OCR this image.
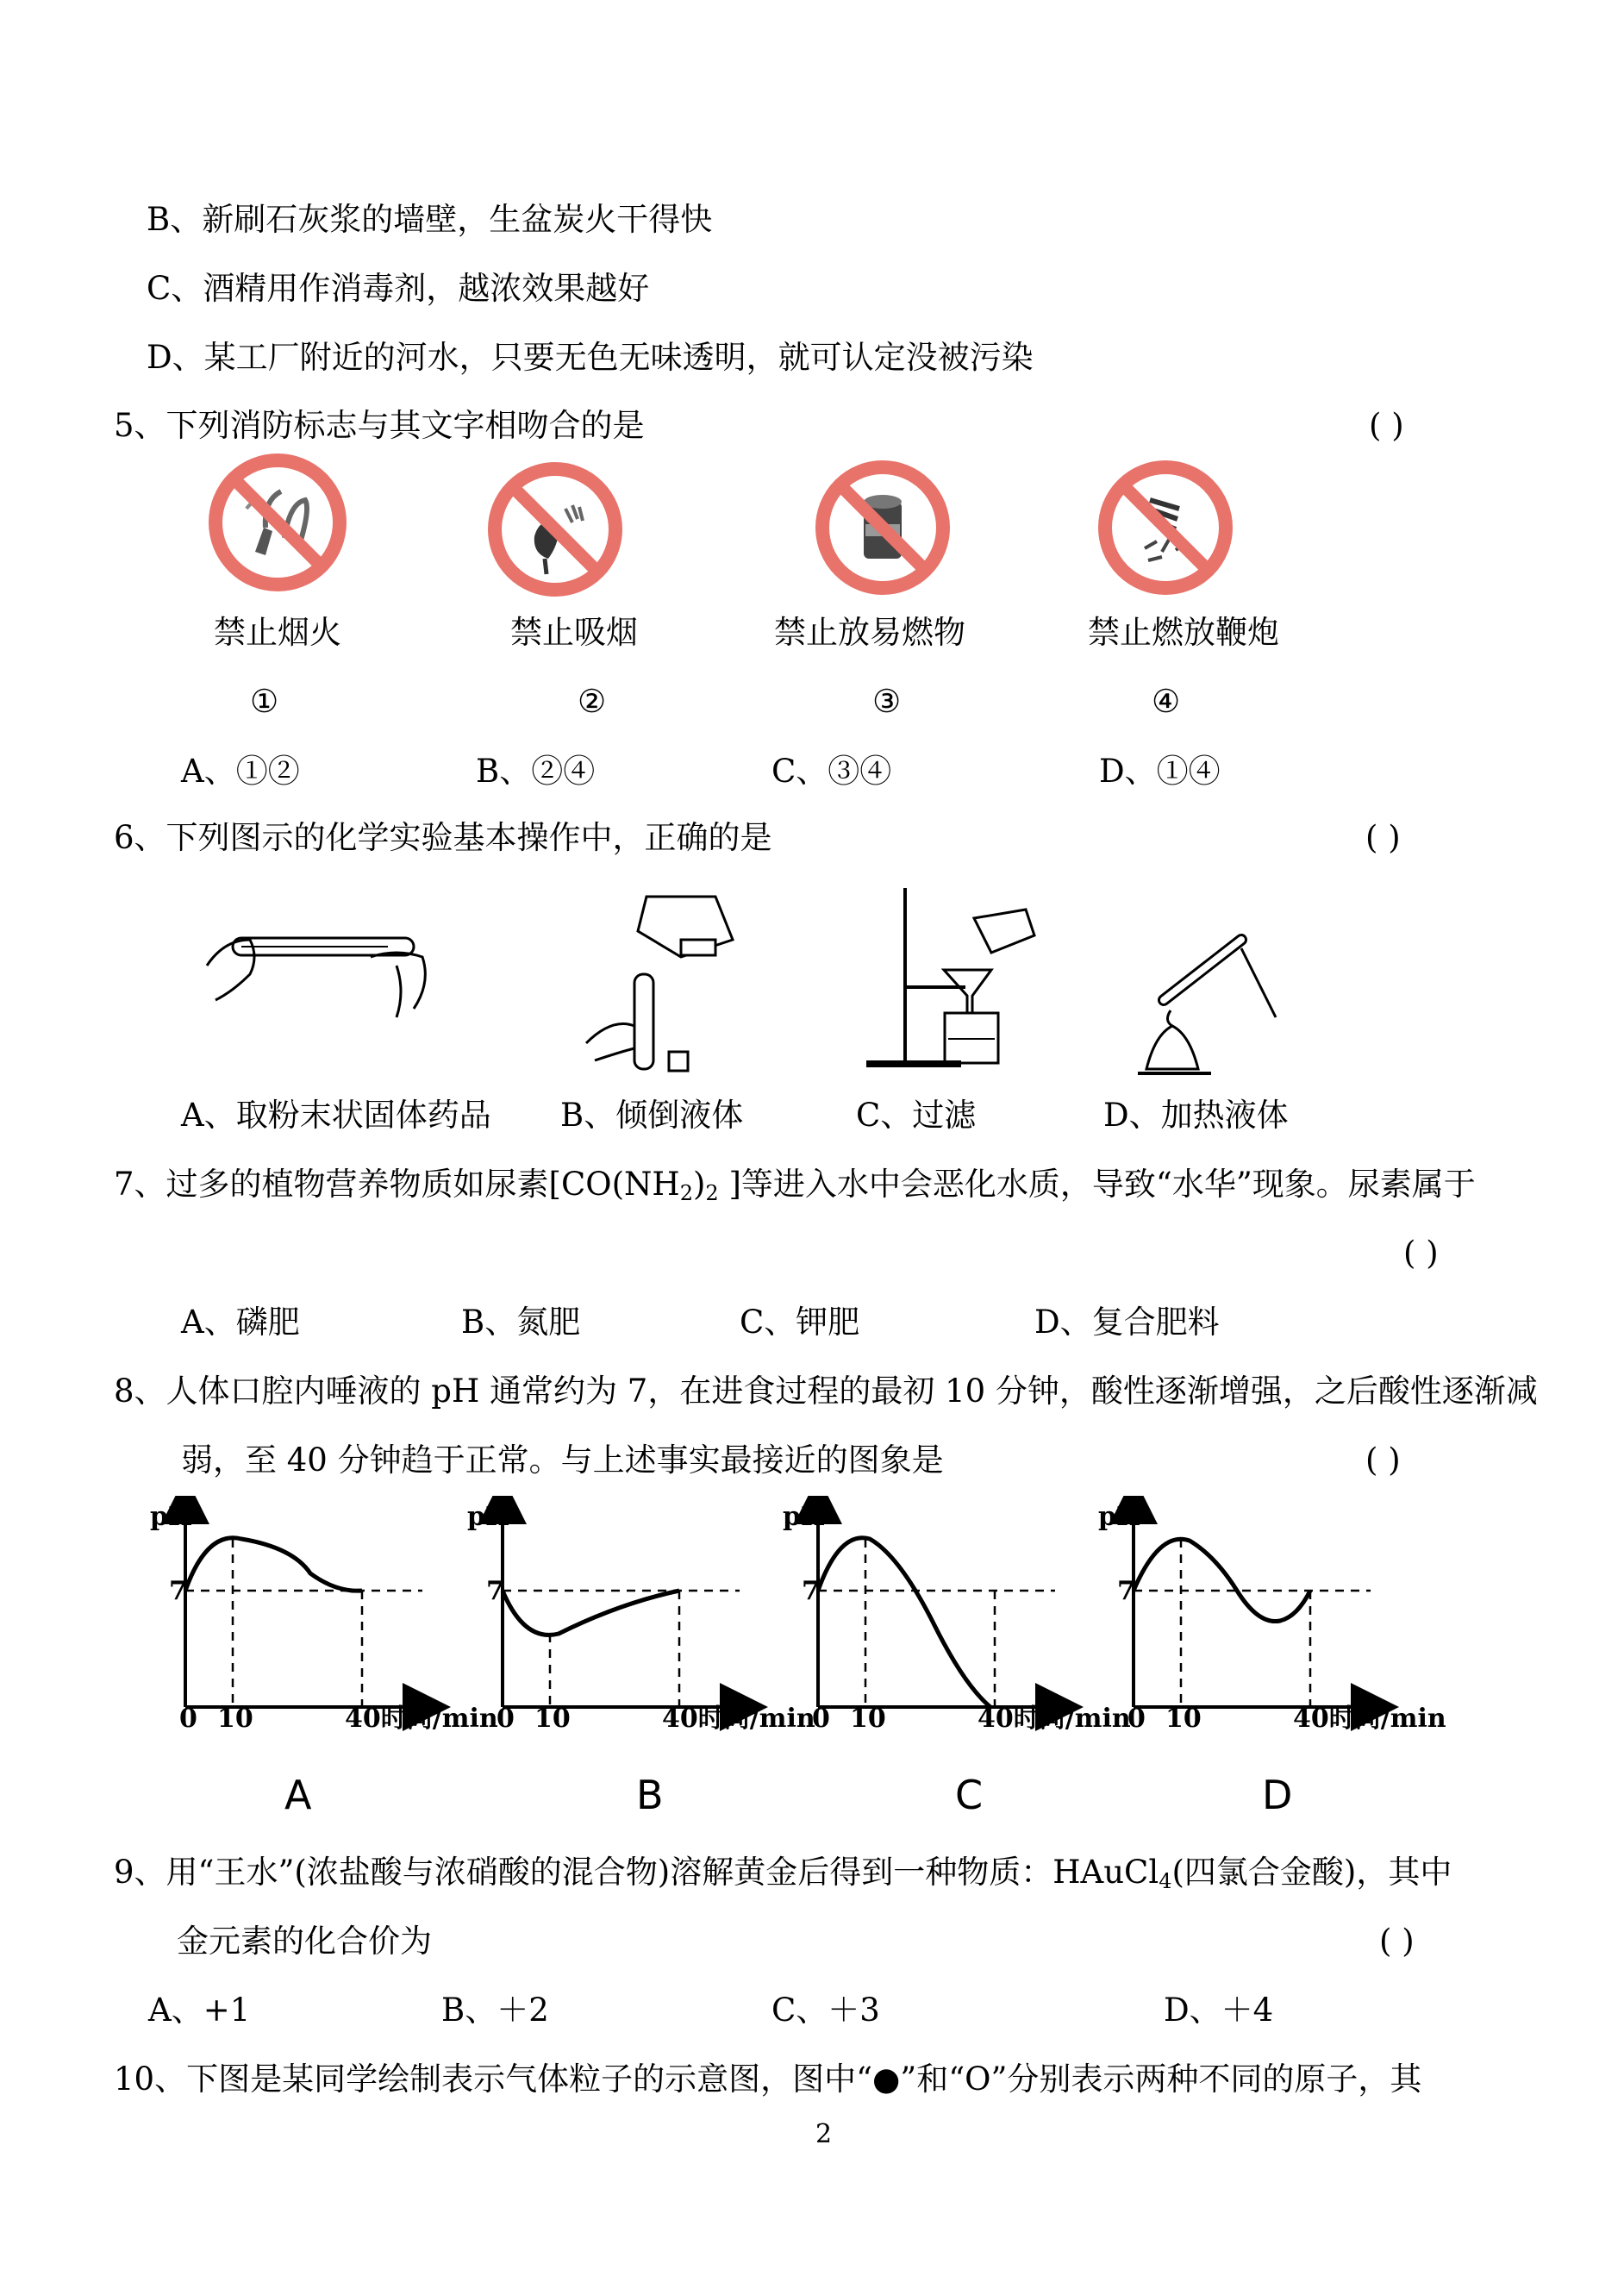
B、新刷石灰浆的墙壁，生盆炭火干得快
C、酒精用作消毒剂，越浓效果越好
D、某工厂附近的河水，只要无色无味透明，就可认定没被污染
5、下列消防标志与其文字相吻合的是	( )
禁止烟火	禁止吸烟	禁止放易燃物	禁止燃放鞭炮
①	②	③	④
A、①②	B、②④	C、③④	D、①④
6、下列图示的化学实验基本操作中，正确的是	( )
A、取粉末状固体药品 B、倾倒液体	C、过滤	D、加热液体
7、过多的植物营养物质如尿素[$CO(NH_2)_2$ ]等进入水中会恶化水质，导致“水华”现象。尿素属于
( )
A、磷肥	B、氮肥	C、钾肥	D、复合肥料
8、人体口腔内唾液的 pH 通常约为 7，在进食过程的最初 10 分钟，酸性逐渐增强，之后酸性逐渐减
弱，至 40 分钟趋于正常。与上述事实最接近的图象是	( )
pH
7
0 10	40时间/min
pH
7
0 10	40时间/min
pH
7
0 10	40时间/min
pH
7
0 10	40时间/min
A	B	C	D
9、用“王水”(浓盐酸与浓硝酸的混合物)溶解黄金后得到一种物质：HAuCl$_4$(四氯合金酸)，其中
金元素的化合价为	( )
A、+1	B、＋2	C、＋3	D、＋4
10、下图是某同学绘制表示气体粒子的示意图，图中“●”和“O”分别表示两种不同的原子，其
2
